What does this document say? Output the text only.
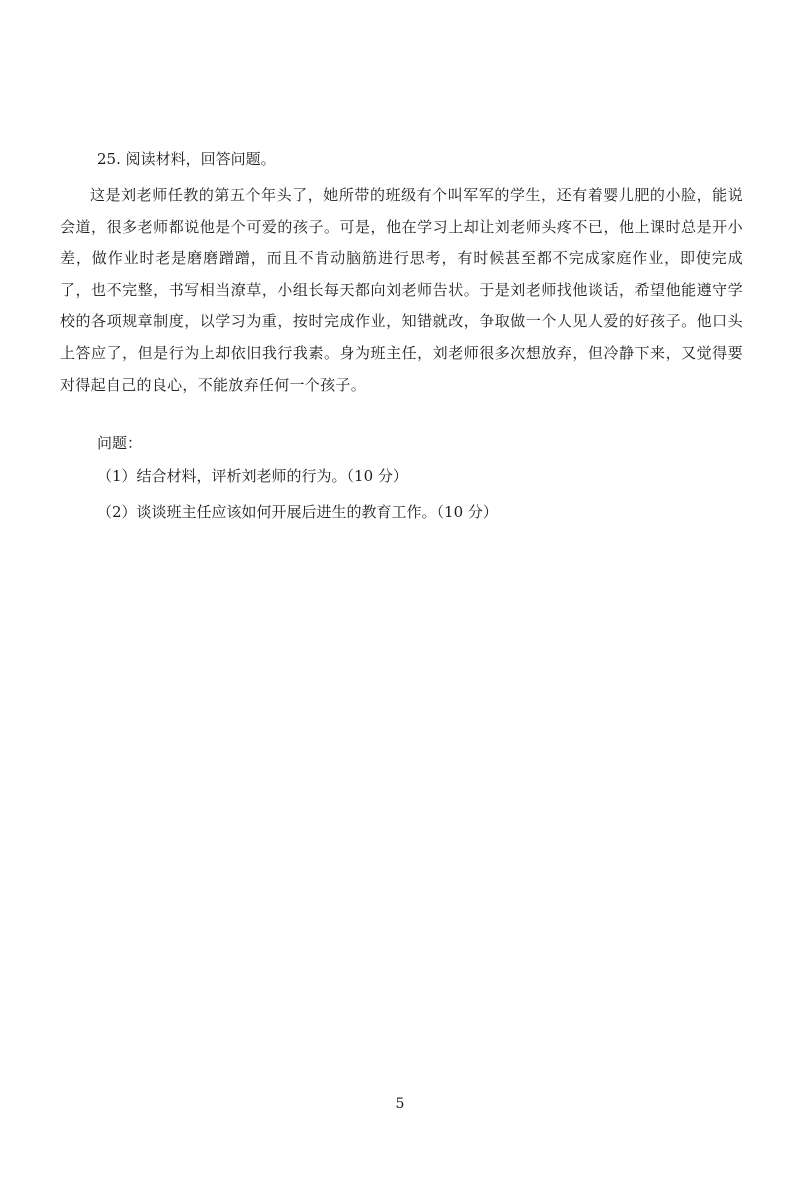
25. 阅读材料，回答问题。

这是刘老师任教的第五个年头了，她所带的班级有个叫军军的学生，还有着婴儿肥的小脸，能说会道，很多老师都说他是个可爱的孩子。可是，他在学习上却让刘老师头疼不已，他上课时总是开小差，做作业时老是磨磨蹭蹭，而且不肯动脑筋进行思考，有时候甚至都不完成家庭作业，即使完成了，也不完整，书写相当潦草，小组长每天都向刘老师告状。于是刘老师找他谈话，希望他能遵守学校的各项规章制度，以学习为重，按时完成作业，知错就改，争取做一个人见人爱的好孩子。他口头上答应了，但是行为上却依旧我行我素。身为班主任，刘老师很多次想放弃，但冷静下来，又觉得要对得起自己的良心，不能放弃任何一个孩子。

问题：
（1）结合材料，评析刘老师的行为。（10 分）
（2）谈谈班主任应该如何开展后进生的教育工作。（10 分）
5
